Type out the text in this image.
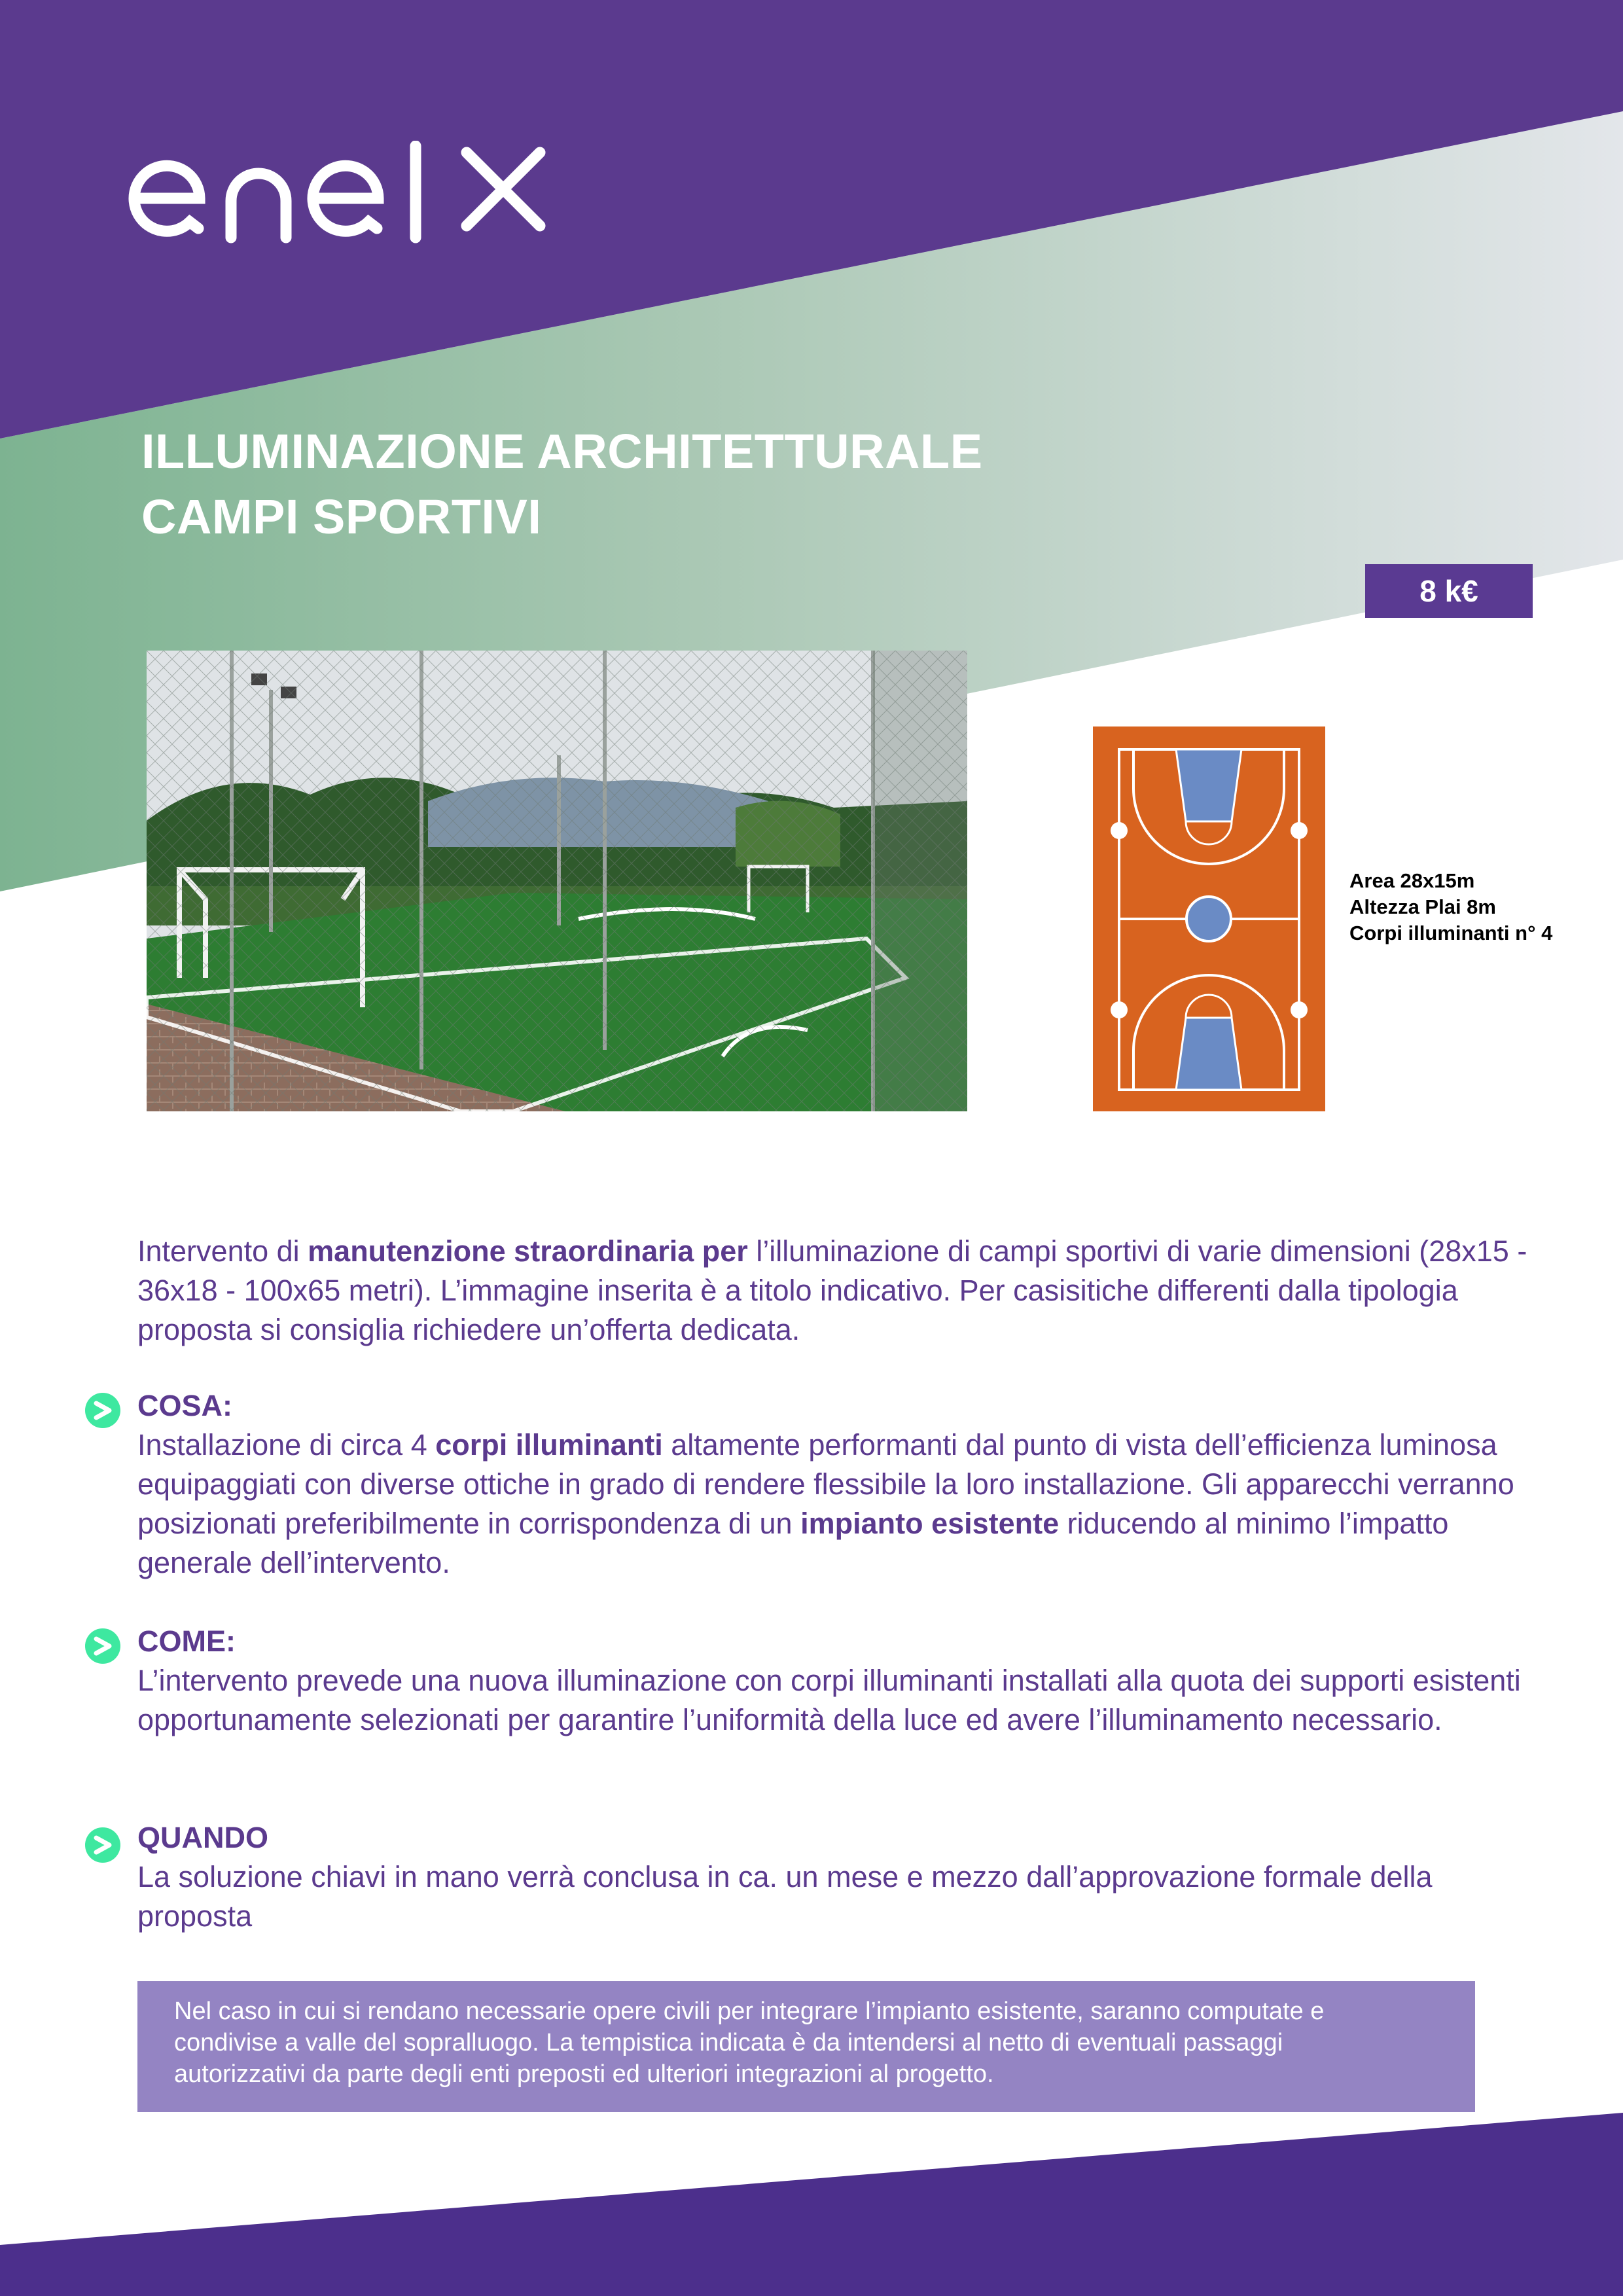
ILLUMINAZIONE ARCHITETTURALE
CAMPI SPORTIVI
8 k€
Area 28x15m
Altezza Plai 8m
Corpi illuminanti n° 4
Intervento di manutenzione straordinaria per l’illuminazione di campi sportivi di varie dimensioni (28x15 - 36x18 - 100x65 metri). L’immagine inserita è a titolo indicativo. Per casisitiche differenti dalla tipologia proposta si consiglia richiedere un’offerta dedicata.
COSA:
Installazione di circa 4 corpi illuminanti altamente performanti dal punto di vista dell’efficienza luminosa equipaggiati con diverse ottiche in grado di rendere flessibile la loro installazione. Gli apparecchi verranno posizionati preferibilmente in corrispondenza di un impianto esistente riducendo al minimo l’impatto generale dell’intervento.
COME:
L’intervento prevede una nuova illuminazione con corpi illuminanti installati alla quota dei supporti esistenti opportunamente selezionati per garantire l’uniformità della luce ed avere l’illuminamento necessario.
QUANDO
La soluzione chiavi in mano verrà conclusa in ca. un mese e mezzo dall’approvazione formale della proposta
Nel caso in cui si rendano necessarie opere civili per integrare l’impianto esistente, saranno computate e
condivise a valle del sopralluogo. La tempistica indicata è da intendersi al netto di eventuali passaggi
autorizzativi da parte degli enti preposti ed ulteriori integrazioni al progetto.
